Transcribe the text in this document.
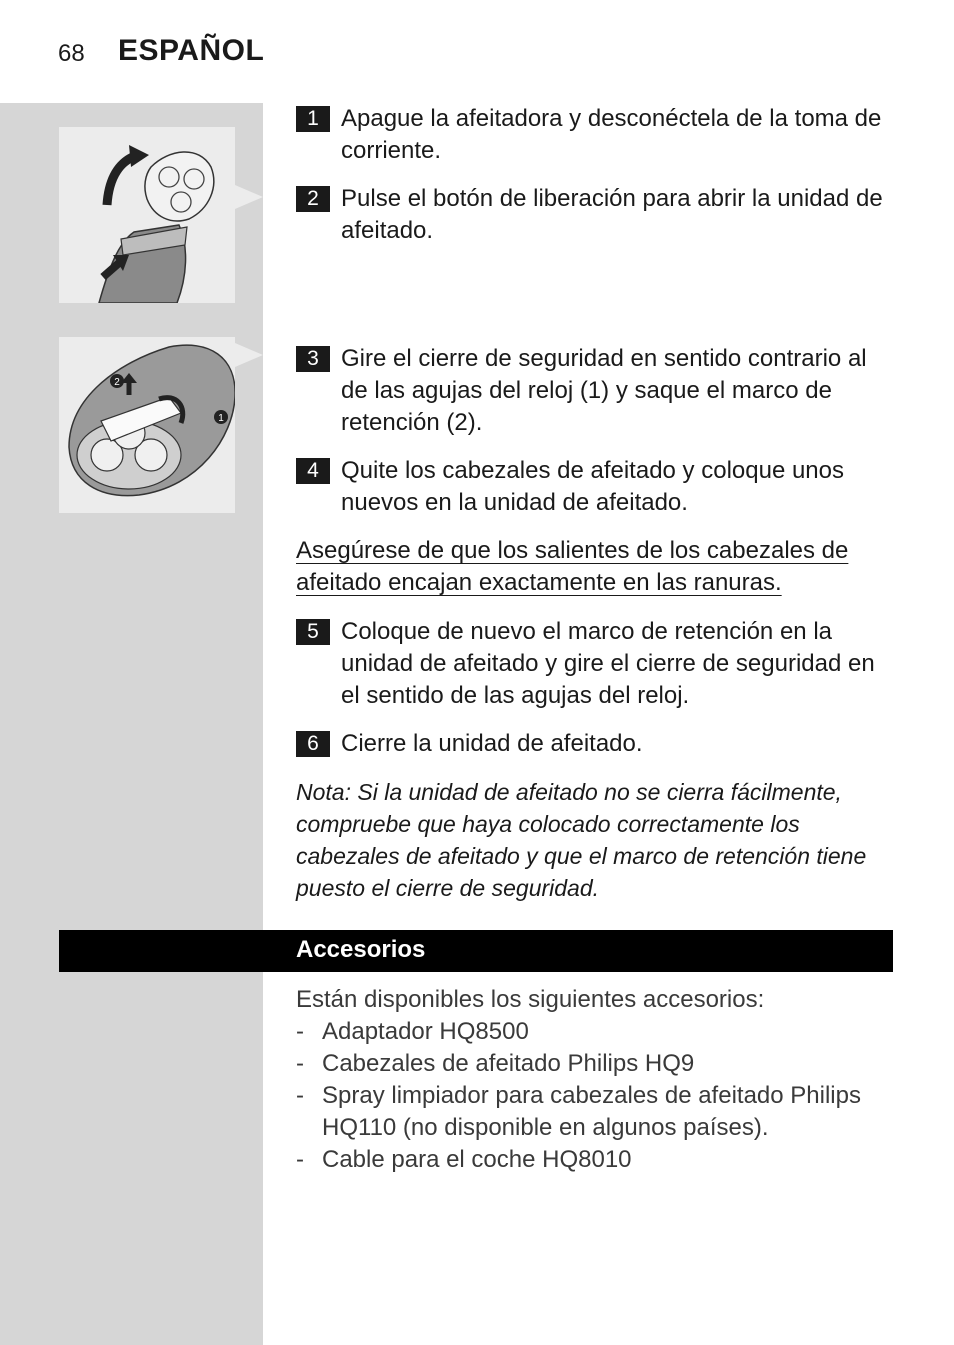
68 ESPAÑOL
2
1
1 Apague la afeitadora y desconéctela de la toma de corriente.
2 Pulse el botón de liberación para abrir la unidad de afeitado.
3 Gire el cierre de seguridad en sentido contrario al de las agujas del reloj (1) y saque el marco de retención (2).
4 Quite los cabezales de afeitado y coloque unos nuevos en la unidad de afeitado.
Asegúrese de que los salientes de los cabezales de afeitado encajan exactamente en las ranuras.
5 Coloque de nuevo el marco de retención en la unidad de afeitado y gire el cierre de seguridad en el sentido de las agujas del reloj.
6 Cierre la unidad de afeitado.
Nota: Si la unidad de afeitado no se cierra fácilmente, compruebe que haya colocado correctamente los cabezales de afeitado y que el marco de retención tiene puesto el cierre de seguridad.
Accesorios
Están disponibles los siguientes accesorios:
- Adaptador HQ8500
- Cabezales de afeitado Philips HQ9
- Spray limpiador para cabezales de afeitado Philips HQ110 (no disponible en algunos países).
- Cable para el coche HQ8010
